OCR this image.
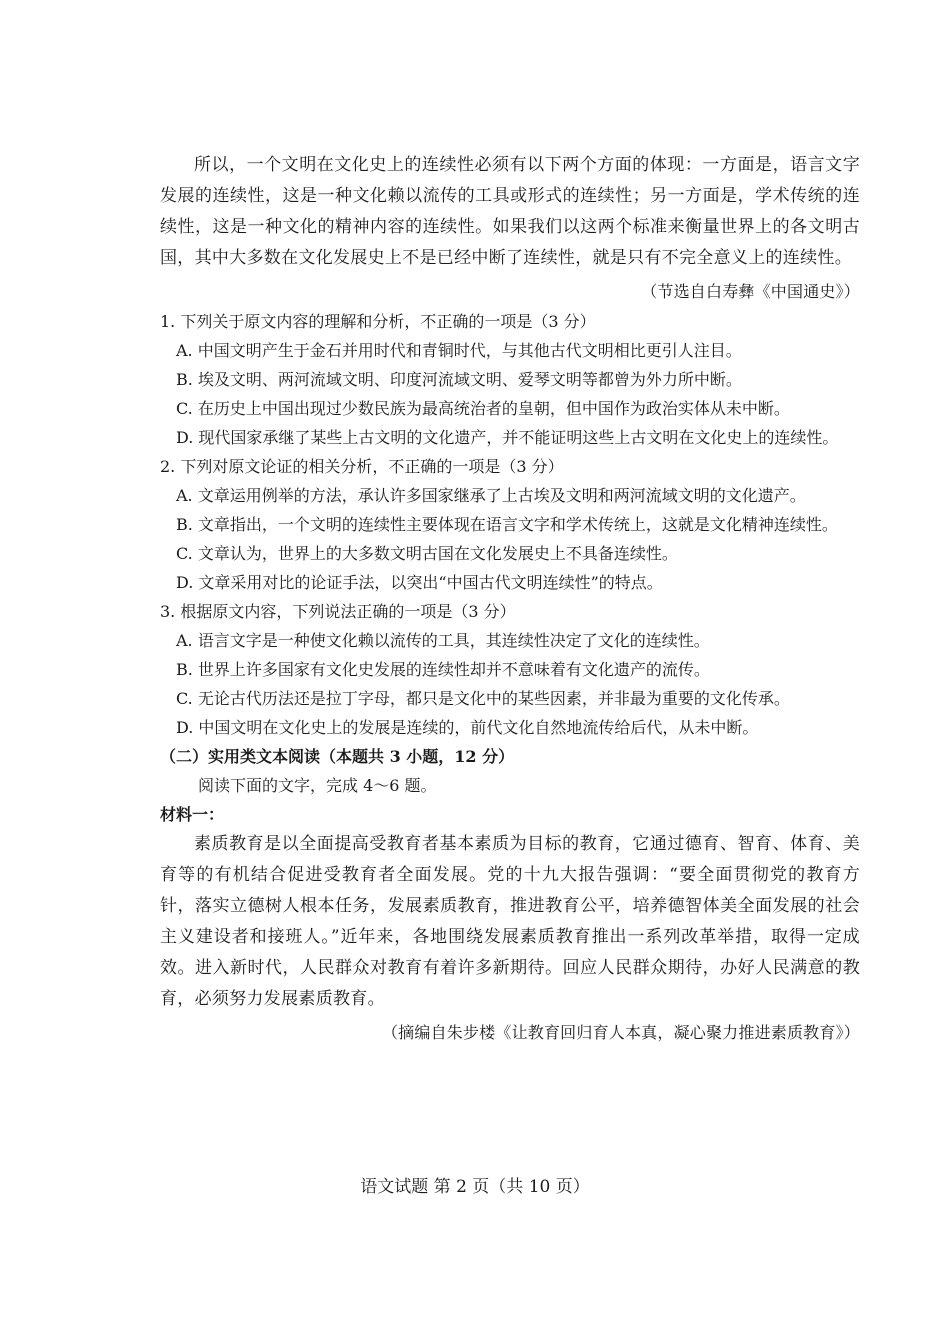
所以，一个文明在文化史上的连续性必须有以下两个方面的体现：一方面是，语言文字发展的连续性，这是一种文化赖以流传的工具或形式的连续性；另一方面是，学术传统的连续性，这是一种文化的精神内容的连续性。如果我们以这两个标准来衡量世界上的各文明古国，其中大多数在文化发展史上不是已经中断了连续性，就是只有不完全意义上的连续性。

（节选自白寿彝《中国通史》）

1. 下列关于原文内容的理解和分析，不正确的一项是（3 分）

A. 中国文明产生于金石并用时代和青铜时代，与其他古代文明相比更引人注目。
B. 埃及文明、两河流域文明、印度河流域文明、爱琴文明等都曾为外力所中断。
C. 在历史上中国出现过少数民族为最高统治者的皇朝，但中国作为政治实体从未中断。
D. 现代国家承继了某些上古文明的文化遗产，并不能证明这些上古文明在文化史上的连续性。

2. 下列对原文论证的相关分析，不正确的一项是（3 分）

A. 文章运用例举的方法，承认许多国家继承了上古埃及文明和两河流域文明的文化遗产。
B. 文章指出，一个文明的连续性主要体现在语言文字和学术传统上，这就是文化精神连续性。
C. 文章认为，世界上的大多数文明古国在文化发展史上不具备连续性。
D. 文章采用对比的论证手法，以突出“中国古代文明连续性”的特点。

3. 根据原文内容，下列说法正确的一项是（3 分）

A. 语言文字是一种使文化赖以流传的工具，其连续性决定了文化的连续性。
B. 世界上许多国家有文化史发展的连续性却并不意味着有文化遗产的流传。
C. 无论古代历法还是拉丁字母，都只是文化中的某些因素，并非最为重要的文化传承。
D. 中国文明在文化史上的发展是连续的，前代文化自然地流传给后代，从未中断。

（二）实用类文本阅读（本题共 3 小题，12 分）

阅读下面的文字，完成 4～6 题。

材料一：

素质教育是以全面提高受教育者基本素质为目标的教育，它通过德育、智育、体育、美育等的有机结合促进受教育者全面发展。党的十九大报告强调：“要全面贯彻党的教育方针，落实立德树人根本任务，发展素质教育，推进教育公平，培养德智体美全面发展的社会主义建设者和接班人。”近年来，各地围绕发展素质教育推出一系列改革举措，取得一定成效。进入新时代，人民群众对教育有着许多新期待。回应人民群众期待，办好人民满意的教育，必须努力发展素质教育。

（摘编自朱步楼《让教育回归育人本真，凝心聚力推进素质教育》）

语文试题 第 2 页（共 10 页）
